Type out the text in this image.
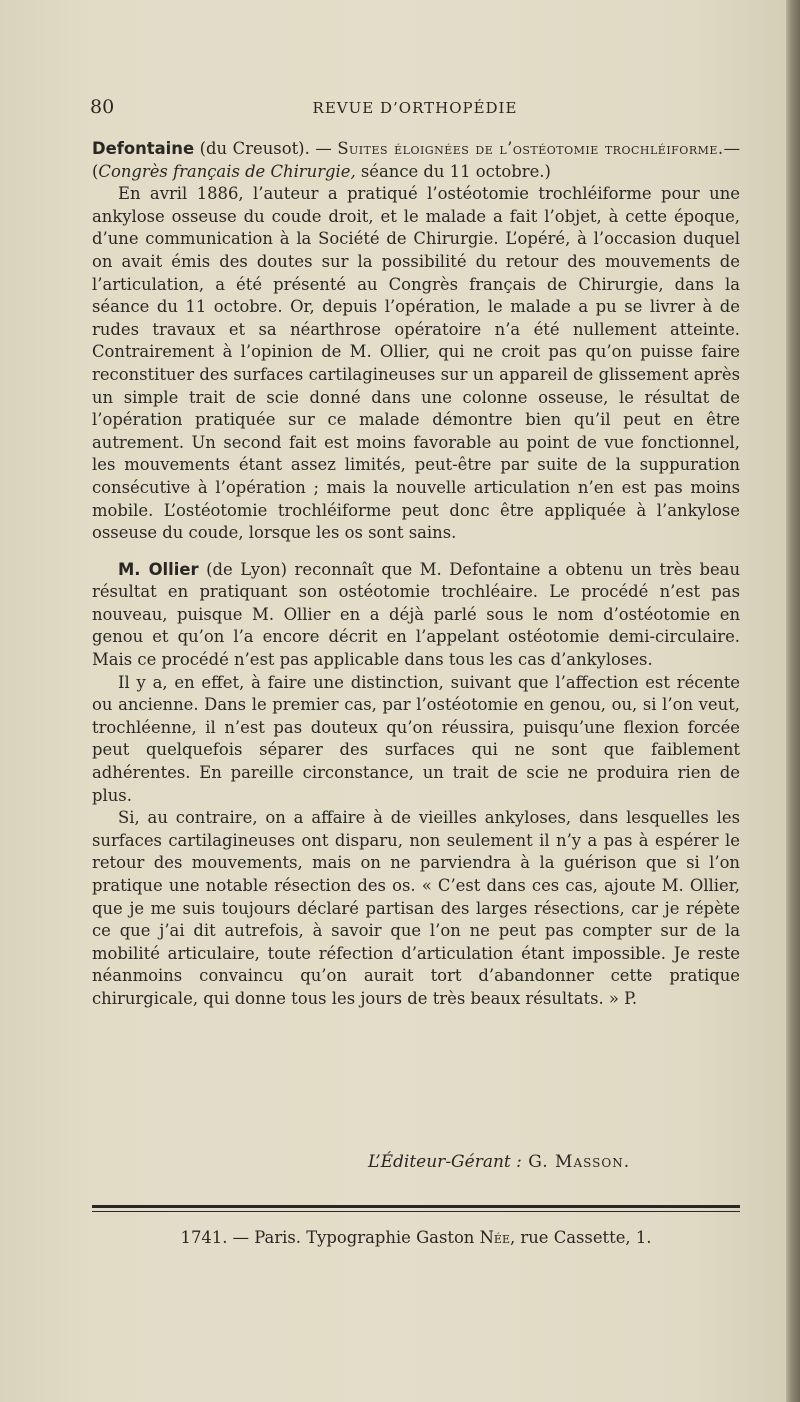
80	REVUE D’ORTHOPÉDIE

Defontaine (du Creusot). — Suites éloignées de l’ostéotomie trochléiforme.— (Congrès français de Chirurgie, séance du 11 octobre.)

En avril 1886, l’auteur a pratiqué l’ostéotomie trochléiforme pour une ankylose osseuse du coude droit, et le malade a fait l’objet, à cette époque, d’une communication à la Société de Chirurgie. L’opéré, à l’occasion duquel on avait émis des doutes sur la possibilité du retour des mouvements de l’articulation, a été présenté au Congrès français de Chirurgie, dans la séance du 11 octobre. Or, depuis l’opération, le malade a pu se livrer à de rudes travaux et sa néarthrose opératoire n’a été nullement atteinte. Contrairement à l’opinion de M. Ollier, qui ne croit pas qu’on puisse faire reconstituer des surfaces cartilagineuses sur un appareil de glissement après un simple trait de scie donné dans une colonne osseuse, le résultat de l’opération pratiquée sur ce malade démontre bien qu’il peut en être autrement. Un second fait est moins favorable au point de vue fonctionnel, les mouvements étant assez limités, peut-être par suite de la suppuration consécutive à l’opération ; mais la nouvelle articulation n’en est pas moins mobile. L’ostéotomie trochléiforme peut donc être appliquée à l’ankylose osseuse du coude, lorsque les os sont sains.

M. Ollier (de Lyon) reconnaît que M. Defontaine a obtenu un très beau résultat en pratiquant son ostéotomie trochléaire. Le procédé n’est pas nouveau, puisque M. Ollier en a déjà parlé sous le nom d’ostéotomie en genou et qu’on l’a encore décrit en l’appelant ostéotomie demi-circulaire. Mais ce procédé n’est pas applicable dans tous les cas d’ankyloses.

Il y a, en effet, à faire une distinction, suivant que l’affection est récente ou ancienne. Dans le premier cas, par l’ostéotomie en genou, ou, si l’on veut, trochléenne, il n’est pas douteux qu’on réussira, puisqu’une flexion forcée peut quelquefois séparer des surfaces qui ne sont que faiblement adhérentes. En pareille circonstance, un trait de scie ne produira rien de plus.

Si, au contraire, on a affaire à de vieilles ankyloses, dans lesquelles les surfaces cartilagineuses ont disparu, non seulement il n’y a pas à espérer le retour des mouvements, mais on ne parviendra à la guérison que si l’on pratique une notable résection des os. « C’est dans ces cas, ajoute M. Ollier, que je me suis toujours déclaré partisan des larges résections, car je répète ce que j’ai dit autrefois, à savoir que l’on ne peut pas compter sur de la mobilité articulaire, toute réfection d’articulation étant impossible. Je reste néanmoins convaincu qu’on aurait tort d’abandonner cette pratique chirurgicale, qui donne tous les jours de très beaux résultats. » P.

L’Éditeur-Gérant : G. Masson.
1741. — Paris. Typographie Gaston Née, rue Cassette, 1.
